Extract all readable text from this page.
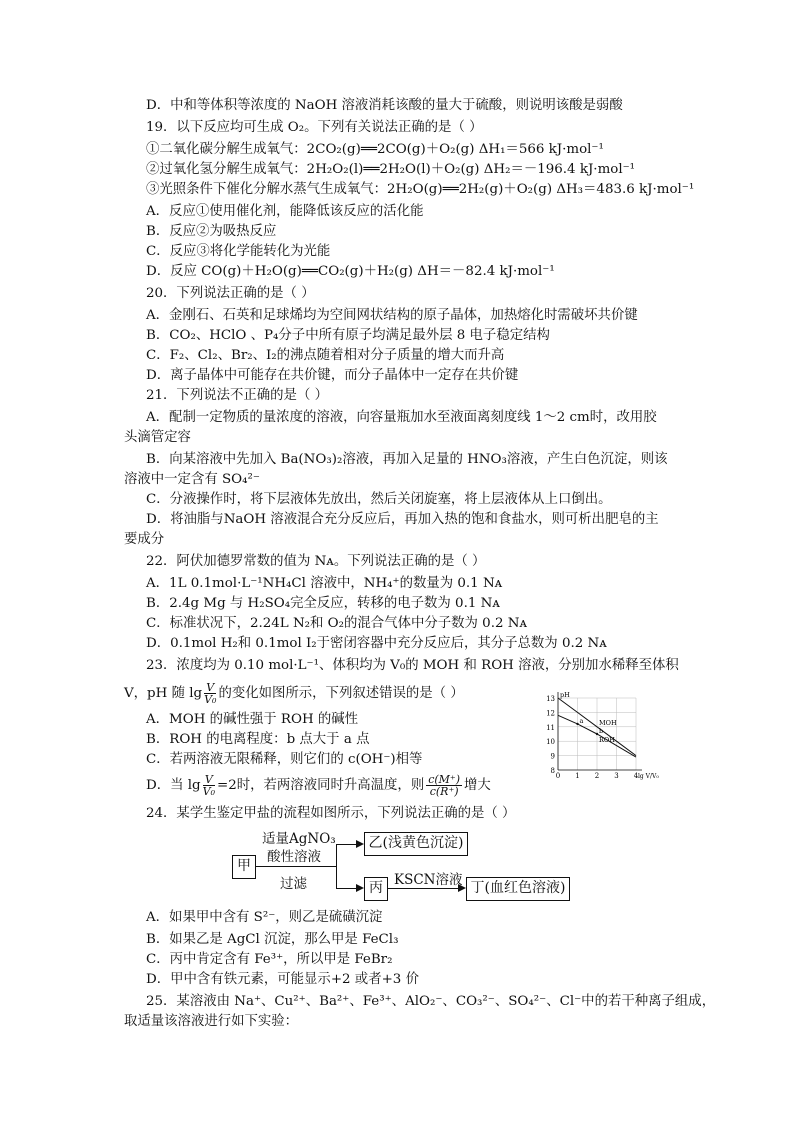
D．中和等体积等浓度的 NaOH 溶液消耗该酸的量大于硫酸，则说明该酸是弱酸
19．以下反应均可生成 O₂。下列有关说法正确的是（ ）
①二氧化碳分解生成氧气：2CO₂(g)══2CO(g)＋O₂(g) ΔH₁＝566 kJ·mol⁻¹
②过氧化氢分解生成氧气：2H₂O₂(l)══2H₂O(l)＋O₂(g) ΔH₂＝－196.4 kJ·mol⁻¹
③光照条件下催化分解水蒸气生成氧气：2H₂O(g)══2H₂(g)＋O₂(g) ΔH₃＝483.6 kJ·mol⁻¹
A．反应①使用催化剂，能降低该反应的活化能
B．反应②为吸热反应
C．反应③将化学能转化为光能
D．反应 CO(g)＋H₂O(g)══CO₂(g)＋H₂(g) ΔH＝－82.4 kJ·mol⁻¹
20．下列说法正确的是（ ）
A．金刚石、石英和足球烯均为空间网状结构的原子晶体，加热熔化时需破坏共价键
B．CO₂、HClO 、P₄分子中所有原子均满足最外层 8 电子稳定结构
C．F₂、Cl₂、Br₂、I₂的沸点随着相对分子质量的增大而升高
D．离子晶体中可能存在共价键，而分子晶体中一定存在共价键
21．下列说法不正确的是（ ）
A．配制一定物质的量浓度的溶液，向容量瓶加水至液面离刻度线 1～2 cm时，改用胶
头滴管定容
B．向某溶液中先加入 Ba(NO₃)₂溶液，再加入足量的 HNO₃溶液，产生白色沉淀，则该
溶液中一定含有 SO₄²⁻
C．分液操作时，将下层液体先放出，然后关闭旋塞，将上层液体从上口倒出。
D．将油脂与NaOH 溶液混合充分反应后，再加入热的饱和食盐水，则可析出肥皂的主
要成分
22．阿伏加德罗常数的值为 Nᴀ。下列说法正确的是（ ）
A．1L 0.1mol·L⁻¹NH₄Cl 溶液中，NH₄⁺的数量为 0.1 Nᴀ
B．2.4g Mg 与 H₂SO₄完全反应，转移的电子数为 0.1 Nᴀ
C．标准状况下，2.24L N₂和 O₂的混合气体中分子数为 0.2 Nᴀ
D．0.1mol H₂和 0.1mol I₂于密闭容器中充分反应后，其分子总数为 0.2 Nᴀ
23．浓度均为 0.10 mol·L⁻¹、体积均为 V₀的 MOH 和 ROH 溶液，分别加水稀释至体积
V，pH 随 $\lg \frac{V}{\text{V₀}}$ 的变化如图所示，下列叙述错误的是（ ）
A．MOH 的碱性强于 ROH 的碱性
B．ROH 的电离程度：b 点大于 a 点
C．若两溶液无限稀释，则它们的 c(OH⁻)相等
D．当 $\lg \frac{V}{\text{V₀}} =2$时，若两溶液同时升高温度，则 $\frac{c(M^+)}{c(R^+)}$ 增大
8
9
10
11
12
13
0 1 2 3 4
pH
lg V/V₀
MOH
ROH
a
b
24．某学生鉴定甲盐的流程如图所示，下列说法正确的是（ ）
甲
适量AgNO₃
酸性溶液
过滤
乙(浅黄色沉淀)
丙 KSCN溶液 丁(血红色溶液)
A．如果甲中含有 S²⁻，则乙是硫磺沉淀
B．如果乙是 AgCl 沉淀，那么甲是 FeCl₃
C．丙中肯定含有 Fe³⁺，所以甲是 FeBr₂
D．甲中含有铁元素，可能显示+2 或者+3 价
25．某溶液由 Na⁺、Cu²⁺、Ba²⁺、Fe³⁺、AlO₂⁻、CO₃²⁻、SO₄²⁻、Cl⁻中的若干种离子组成，
取适量该溶液进行如下实验：
